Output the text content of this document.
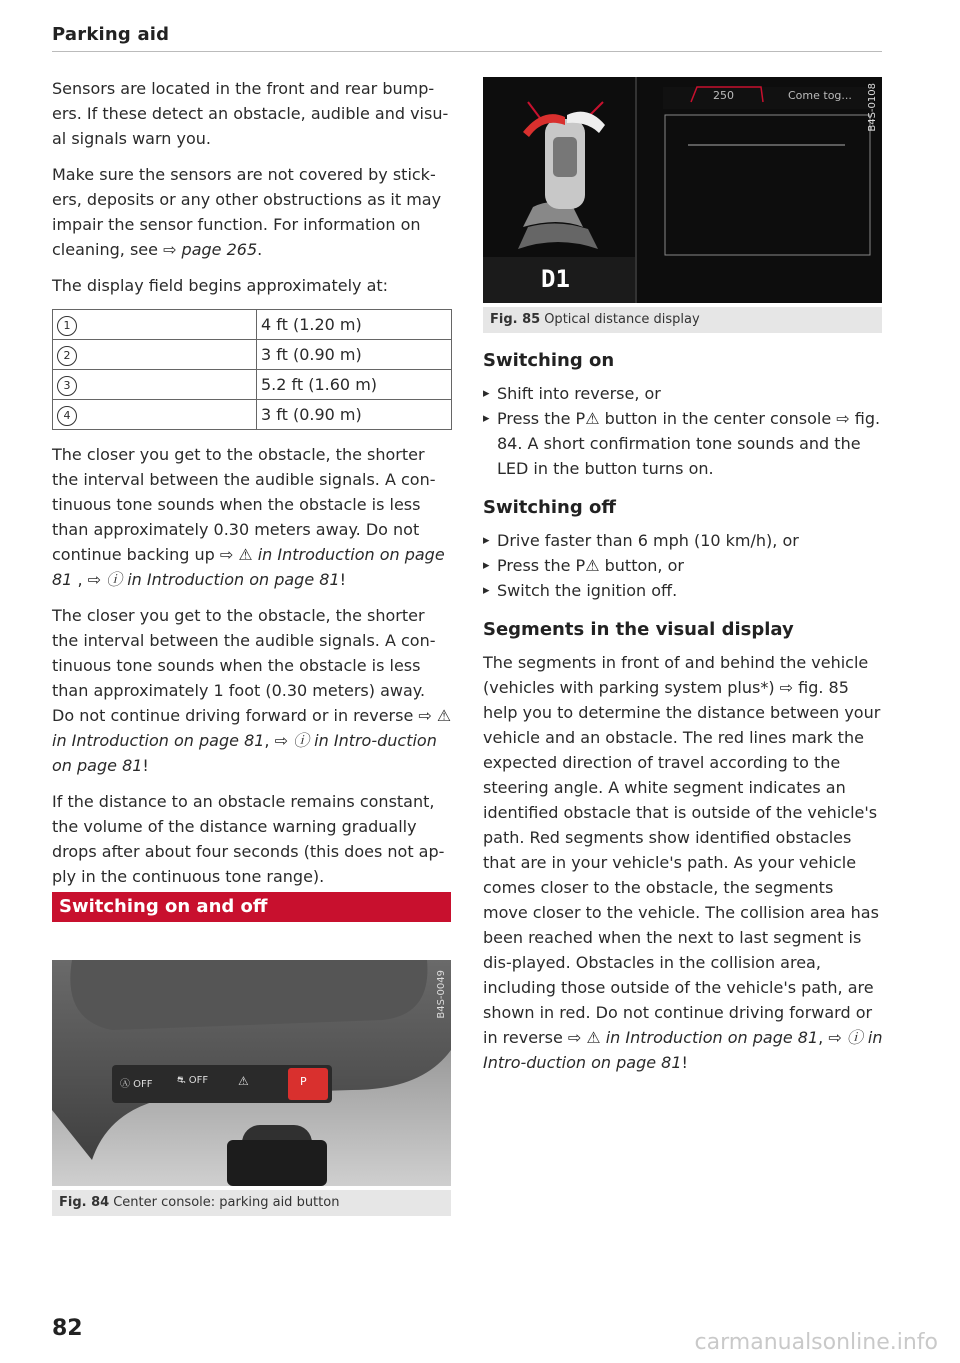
Parking aid

Sensors are located in the front and rear bump-ers. If these detect an obstacle, audible and visu-al signals warn you.

Make sure the sensors are not covered by stick-ers, deposits or any other obstructions as it may impair the sensor function. For information on cleaning, see ⇨ page 265.

The display field begins approximately at:

1	4 ft (1.20 m)
2	3 ft (0.90 m)
3	5.2 ft (1.60 m)
4	3 ft (0.90 m)

The closer you get to the obstacle, the shorter the interval between the audible signals. A con-tinuous tone sounds when the obstacle is less than approximately 0.30 meters away. Do not continue backing up ⇨ ⚠ in Introduction on page 81 , ⇨ ⓘ in Introduction on page 81!

The closer you get to the obstacle, the shorter the interval between the audible signals. A con-tinuous tone sounds when the obstacle is less than approximately 1 foot (0.30 meters) away. Do not continue driving forward or in reverse ⇨ ⚠ in Introduction on page 81, ⇨ ⓘ in Intro-duction on page 81!

If the distance to an obstacle remains constant, the volume of the distance warning gradually drops after about four seconds (this does not ap-ply in the continuous tone range).

Switching on and off
B4S-0049
Ⓐ OFF ⛐ OFF ⚠	P
Fig. 84 Center console: parking aid button
B4S-0108
250	Come tog...
D1
Fig. 85 Optical distance display
Switching on
▸ Shift into reverse, or
▸ Press the P⚠ button in the center console ⇨ fig. 84. A short confirmation tone sounds and the LED in the button turns on.
Switching off
▸ Drive faster than 6 mph (10 km/h), or
▸ Press the P⚠ button, or
▸ Switch the ignition off.
Segments in the visual display

The segments in front of and behind the vehicle (vehicles with parking system plus*) ⇨ fig. 85 help you to determine the distance between your vehicle and an obstacle. The red lines mark the expected direction of travel according to the steering angle. A white segment indicates an identified obstacle that is outside of the vehicle's path. Red segments show identified obstacles that are in your vehicle's path. As your vehicle comes closer to the obstacle, the segments move closer to the vehicle. The collision area has been reached when the next to last segment is dis-played. Obstacles in the collision area, including those outside of the vehicle's path, are shown in red. Do not continue driving forward or in reverse ⇨ ⚠ in Introduction on page 81, ⇨ ⓘ in Intro-duction on page 81!

82
carmanualsonline.info
